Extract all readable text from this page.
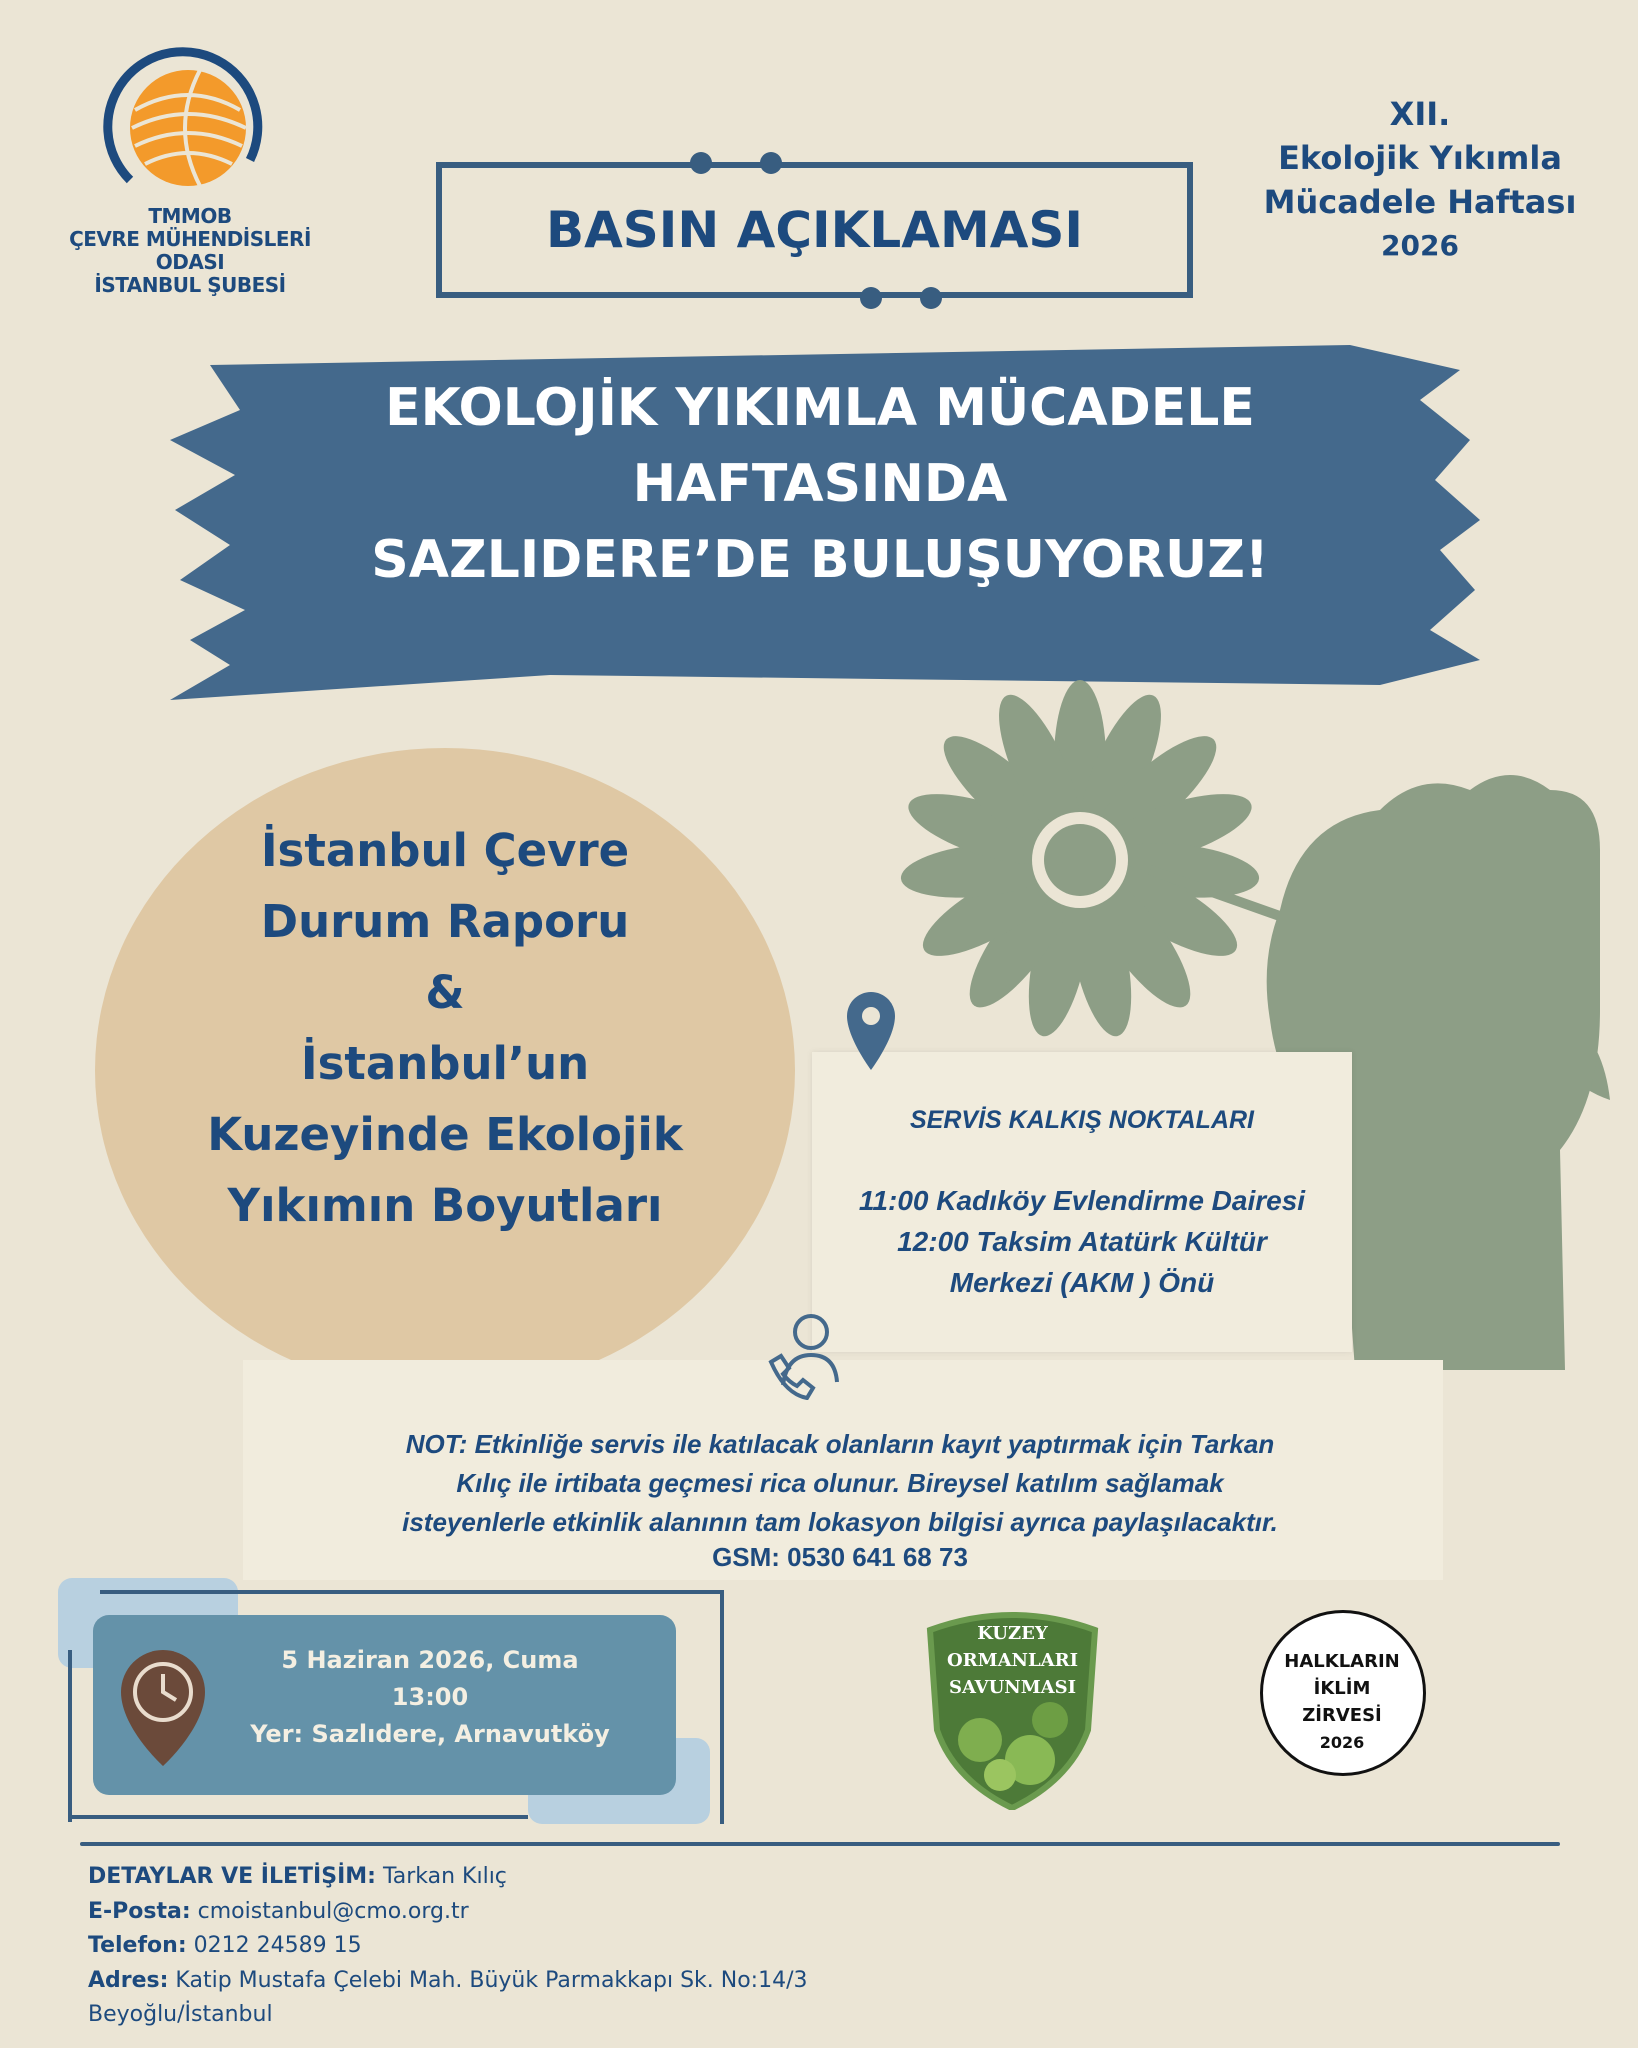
TMMOB
ÇEVRE MÜHENDİSLERİ ODASI
İSTANBUL ŞUBESİ
BASIN AÇIKLAMASI
XII.
Ekolojik Yıkımla
Mücadele Haftası
2026
EKOLOJİK YIKIMLA MÜCADELE
HAFTASINDA
SAZLIDERE’DE BULUŞUYORUZ!
İstanbul Çevre
Durum Raporu
&
İstanbul’un
Kuzeyinde Ekolojik
Yıkımın Boyutları
SERVİS KALKIŞ NOKTALARI
11:00 Kadıköy Evlendirme Dairesi
12:00 Taksim Atatürk Kültür
Merkezi (AKM ) Önü
NOT: Etkinliğe servis ile katılacak olanların kayıt yaptırmak için Tarkan
Kılıç ile irtibata geçmesi rica olunur. Bireysel katılım sağlamak
isteyenlerle etkinlik alanının tam lokasyon bilgisi ayrıca paylaşılacaktır.
GSM: 0530 641 68 73
5 Haziran 2026, Cuma
13:00
Yer: Sazlıdere, Arnavutköy
KUZEY
ORMANLARI
SAVUNMASI
HALKLARIN
İKLİM
ZİRVESİ
2026
DETAYLAR VE İLETİŞİM: Tarkan Kılıç
E-Posta: cmoistanbul@cmo.org.tr
Telefon: 0212 24589 15
Adres: Katip Mustafa Çelebi Mah. Büyük Parmakkapı Sk. No:14/3
Beyoğlu/İstanbul
